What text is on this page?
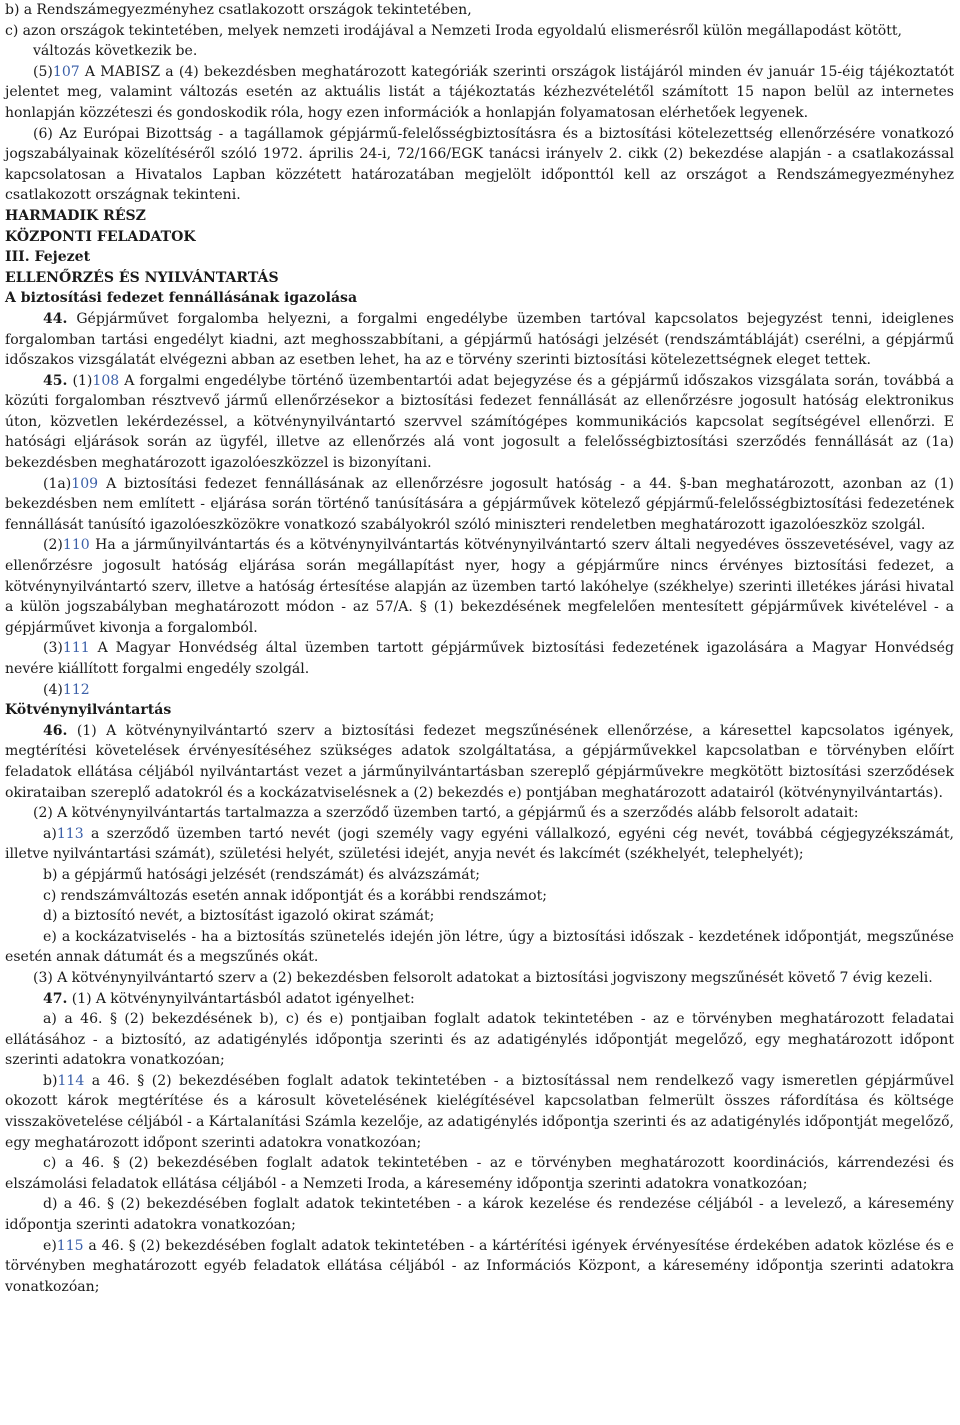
b) a Rendszámegyezményhez csatlakozott országok tekintetében,

c) azon országok tekintetében, melyek nemzeti irodájával a Nemzeti Iroda egyoldalú elismerésről külön megállapodást kötött,

változás következik be.

(5)107 A MABISZ a (4) bekezdésben meghatározott kategóriák szerinti országok listájáról minden év január 15-éig tájékoztatót jelentet meg, valamint változás esetén az aktuális listát a tájékoztatás kézhezvételétől számított 15 napon belül az internetes honlapján közzéteszi és gondoskodik róla, hogy ezen információk a honlapján folyamatosan elérhetőek legyenek.

(6) Az Európai Bizottság - a tagállamok gépjármű-felelősségbiztosításra és a biztosítási kötelezettség ellenőrzésére vonatkozó jogszabályainak közelítéséről szóló 1972. április 24-i, 72/166/EGK tanácsi irányelv 2. cikk (2) bekezdése alapján - a csatlakozással kapcsolatosan a Hivatalos Lapban közzétett határozatában megjelölt időponttól kell az országot a Rendszámegyezményhez csatlakozott országnak tekinteni.

HARMADIK RÉSZ

KÖZPONTI FELADATOK

III. Fejezet

ELLENŐRZÉS ÉS NYILVÁNTARTÁS

A biztosítási fedezet fennállásának igazolása

44. Gépjárművet forgalomba helyezni, a forgalmi engedélybe üzemben tartóval kapcsolatos bejegyzést tenni, ideiglenes forgalomban tartási engedélyt kiadni, azt meghosszabbítani, a gépjármű hatósági jelzését (rendszámtábláját) cserélni, a gépjármű időszakos vizsgálatát elvégezni abban az esetben lehet, ha az e törvény szerinti biztosítási kötelezettségnek eleget tettek.

45. (1)108 A forgalmi engedélybe történő üzembentartói adat bejegyzése és a gépjármű időszakos vizsgálata során, továbbá a közúti forgalomban résztvevő jármű ellenőrzésekor a biztosítási fedezet fennállását az ellenőrzésre jogosult hatóság elektronikus úton, közvetlen lekérdezéssel, a kötvénynyilvántartó szervvel számítógépes kommunikációs kapcsolat segítségével ellenőrzi. E hatósági eljárások során az ügyfél, illetve az ellenőrzés alá vont jogosult a felelősségbiztosítási szerződés fennállását az (1a) bekezdésben meghatározott igazolóeszközzel is bizonyítani.

(1a)109 A biztosítási fedezet fennállásának az ellenőrzésre jogosult hatóság - a 44. §-ban meghatározott, azonban az (1) bekezdésben nem említett - eljárása során történő tanúsítására a gépjárművek kötelező gépjármű-felelősségbiztosítási fedezetének fennállását tanúsító igazolóeszközökre vonatkozó szabályokról szóló miniszteri rendeletben meghatározott igazolóeszköz szolgál.

(2)110 Ha a járműnyilvántartás és a kötvénynyilvántartás kötvénynyilvántartó szerv általi negyedéves összevetésével, vagy az ellenőrzésre jogosult hatóság eljárása során megállapítást nyer, hogy a gépjárműre nincs érvényes biztosítási fedezet, a kötvénynyilvántartó szerv, illetve a hatóság értesítése alapján az üzemben tartó lakóhelye (székhelye) szerinti illetékes járási hivatal a külön jogszabályban meghatározott módon - az 57/A. § (1) bekezdésének megfelelően mentesített gépjárművek kivételével - a gépjárművet kivonja a forgalomból.

(3)111 A Magyar Honvédség által üzemben tartott gépjárművek biztosítási fedezetének igazolására a Magyar Honvédség nevére kiállított forgalmi engedély szolgál.

(4)112

Kötvénynyilvántartás

46. (1) A kötvénynyilvántartó szerv a biztosítási fedezet megszűnésének ellenőrzése, a káresettel kapcsolatos igények, megtérítési követelések érvényesítéséhez szükséges adatok szolgáltatása, a gépjárművekkel kapcsolatban e törvényben előírt feladatok ellátása céljából nyilvántartást vezet a járműnyilvántartásban szereplő gépjárművekre megkötött biztosítási szerződések okirataiban szereplő adatokról és a kockázatviselésnek a (2) bekezdés e) pontjában meghatározott adatairól (kötvénynyilvántartás).

(2) A kötvénynyilvántartás tartalmazza a szerződő üzemben tartó, a gépjármű és a szerződés alább felsorolt adatait:

a)113 a szerződő üzemben tartó nevét (jogi személy vagy egyéni vállalkozó, egyéni cég nevét, továbbá cégjegyzékszámát, illetve nyilvántartási számát), születési helyét, születési idejét, anyja nevét és lakcímét (székhelyét, telephelyét);

b) a gépjármű hatósági jelzését (rendszámát) és alvázszámát;

c) rendszámváltozás esetén annak időpontját és a korábbi rendszámot;

d) a biztosító nevét, a biztosítást igazoló okirat számát;

e) a kockázatviselés - ha a biztosítás szünetelés idején jön létre, úgy a biztosítási időszak - kezdetének időpontját, megszűnése esetén annak dátumát és a megszűnés okát.

(3) A kötvénynyilvántartó szerv a (2) bekezdésben felsorolt adatokat a biztosítási jogviszony megszűnését követő 7 évig kezeli.

47. (1) A kötvénynyilvántartásból adatot igényelhet:

a) a 46. § (2) bekezdésének b), c) és e) pontjaiban foglalt adatok tekintetében - az e törvényben meghatározott feladatai ellátásához - a biztosító, az adatigénylés időpontja szerinti és az adatigénylés időpontját megelőző, egy meghatározott időpont szerinti adatokra vonatkozóan;

b)114 a 46. § (2) bekezdésében foglalt adatok tekintetében - a biztosítással nem rendelkező vagy ismeretlen gépjárművel okozott károk megtérítése és a károsult követelésének kielégítésével kapcsolatban felmerült összes ráfordítása és költsége visszakövetelése céljából - a Kártalanítási Számla kezelője, az adatigénylés időpontja szerinti és az adatigénylés időpontját megelőző, egy meghatározott időpont szerinti adatokra vonatkozóan;

c) a 46. § (2) bekezdésében foglalt adatok tekintetében - az e törvényben meghatározott koordinációs, kárrendezési és elszámolási feladatok ellátása céljából - a Nemzeti Iroda, a káresemény időpontja szerinti adatokra vonatkozóan;

d) a 46. § (2) bekezdésében foglalt adatok tekintetében - a károk kezelése és rendezése céljából - a levelező, a káresemény időpontja szerinti adatokra vonatkozóan;

e)115 a 46. § (2) bekezdésében foglalt adatok tekintetében - a kártérítési igények érvényesítése érdekében adatok közlése és e törvényben meghatározott egyéb feladatok ellátása céljából - az Információs Központ, a káresemény időpontja szerinti adatokra vonatkozóan;
